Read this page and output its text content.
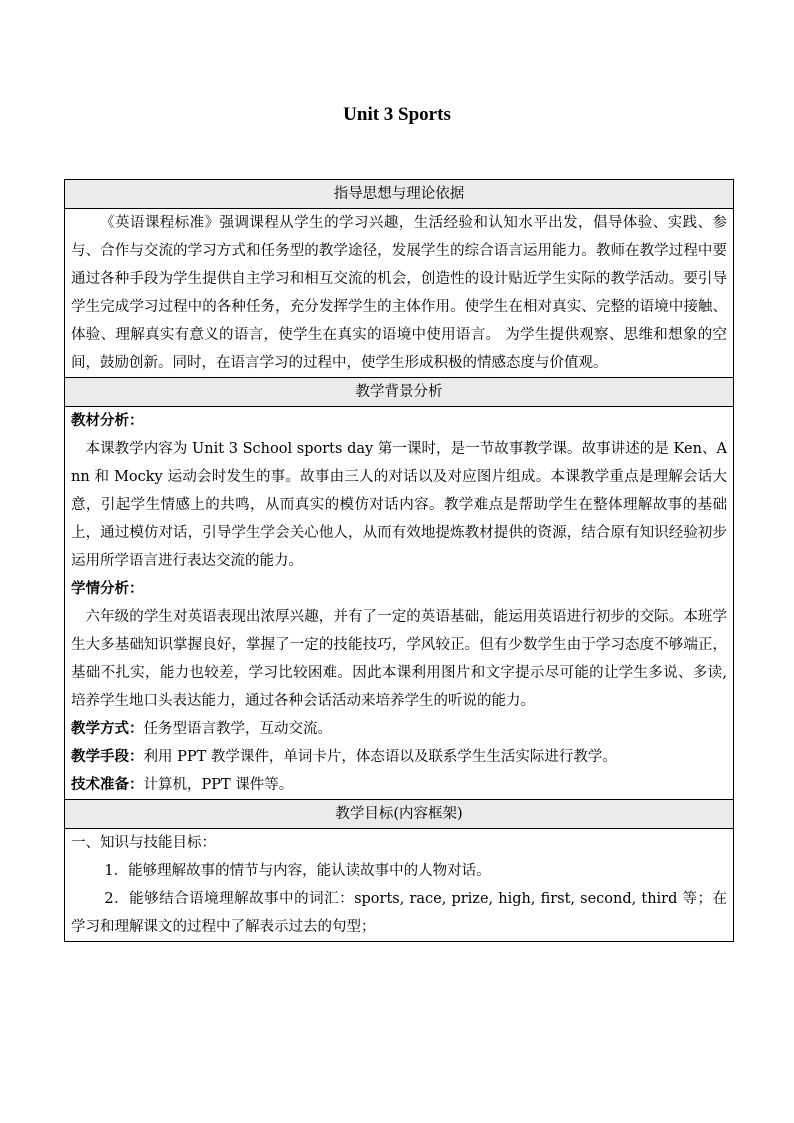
Unit 3 Sports
指导思想与理论依据

《英语课程标准》强调课程从学生的学习兴趣，生活经验和认知水平出发，倡导体验、实践、参与、合作与交流的学习方式和任务型的教学途径，发展学生的综合语言运用能力。教师在教学过程中要通过各种手段为学生提供自主学习和相互交流的机会，创造性的设计贴近学生实际的教学活动。要引导学生完成学习过程中的各种任务，充分发挥学生的主体作用。使学生在相对真实、完整的语境中接触、体验、理解真实有意义的语言，使学生在真实的语境中使用语言。 为学生提供观察、思维和想象的空间，鼓励创新。同时，在语言学习的过程中，使学生形成积极的情感态度与价值观。

教学背景分析

教材分析：
本课教学内容为 Unit 3 School sports day 第一课时，是一节故事教学课。故事讲述的是 Ken、Ann 和 Mocky 运动会时发生的事。故事由三人的对话以及对应图片组成。本课教学重点是理解会话大意，引起学生情感上的共鸣，从而真实的模仿对话内容。教学难点是帮助学生在整体理解故事的基础上，通过模仿对话，引导学生学会关心他人，从而有效地提炼教材提供的资源，结合原有知识经验初步运用所学语言进行表达交流的能力。
学情分析：
六年级的学生对英语表现出浓厚兴趣，并有了一定的英语基础，能运用英语进行初步的交际。本班学生大多基础知识掌握良好，掌握了一定的技能技巧，学风较正。但有少数学生由于学习态度不够端正，基础不扎实，能力也较差，学习比较困难。因此本课利用图片和文字提示尽可能的让学生多说、多读,培养学生地口头表达能力，通过各种会话活动来培养学生的听说的能力。
教学方式：任务型语言教学，互动交流。
教学手段：利用 PPT 教学课件，单词卡片，体态语以及联系学生生活实际进行教学。
技术准备：计算机，PPT 课件等。

教学目标(内容框架)

一、知识与技能目标：
1．能够理解故事的情节与内容，能认读故事中的人物对话。
2．能够结合语境理解故事中的词汇：sports, race, prize, high, first, second, third 等；在学习和理解课文的过程中了解表示过去的句型；
